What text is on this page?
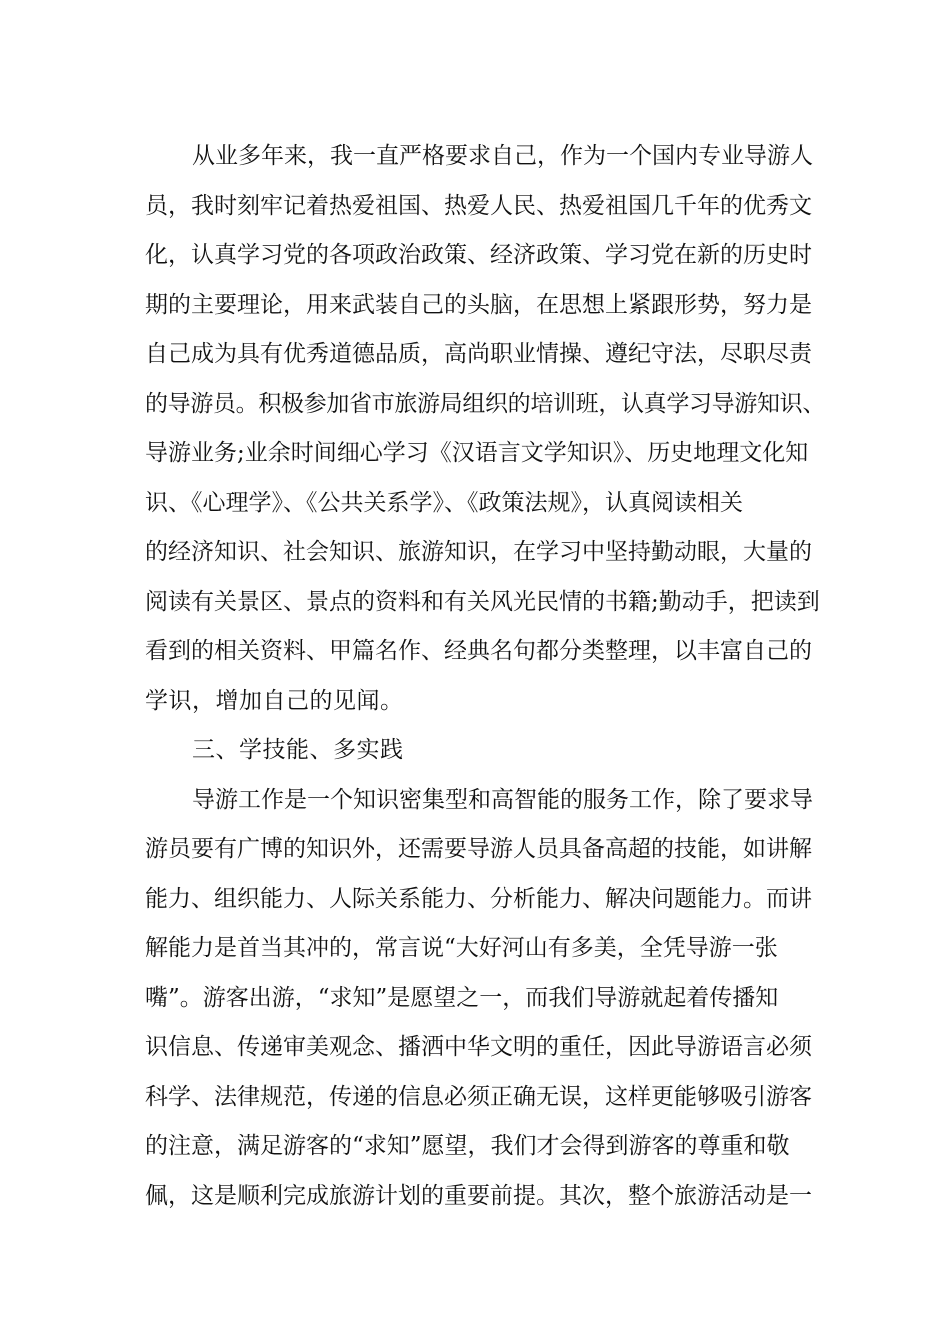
从业多年来，我一直严格要求自己，作为一个国内专业导游人
员，我时刻牢记着热爱祖国、热爱人民、热爱祖国几千年的优秀文
化，认真学习党的各项政治政策、经济政策、学习党在新的历史时
期的主要理论，用来武装自己的头脑，在思想上紧跟形势，努力是
自己成为具有优秀道德品质，高尚职业情操、遵纪守法，尽职尽责
的导游员。积极参加省市旅游局组织的培训班，认真学习导游知识、
导游业务;业余时间细心学习《汉语言文学知识》、历史地理文化知
识、《心理学》、《公共关系学》、《政策法规》，认真阅读相关
的经济知识、社会知识、旅游知识，在学习中坚持勤动眼，大量的
阅读有关景区、景点的资料和有关风光民情的书籍;勤动手，把读到
看到的相关资料、甲篇名作、经典名句都分类整理，以丰富自己的
学识，增加自己的见闻。
三、学技能、多实践
导游工作是一个知识密集型和高智能的服务工作，除了要求导
游员要有广博的知识外，还需要导游人员具备高超的技能，如讲解
能力、组织能力、人际关系能力、分析能力、解决问题能力。而讲
解能力是首当其冲的，常言说“大好河山有多美，全凭导游一张
嘴”。游客出游，“求知”是愿望之一，而我们导游就起着传播知
识信息、传递审美观念、播洒中华文明的重任，因此导游语言必须
科学、法律规范，传递的信息必须正确无误，这样更能够吸引游客
的注意，满足游客的“求知”愿望，我们才会得到游客的尊重和敬
佩，这是顺利完成旅游计划的重要前提。其次，整个旅游活动是一
